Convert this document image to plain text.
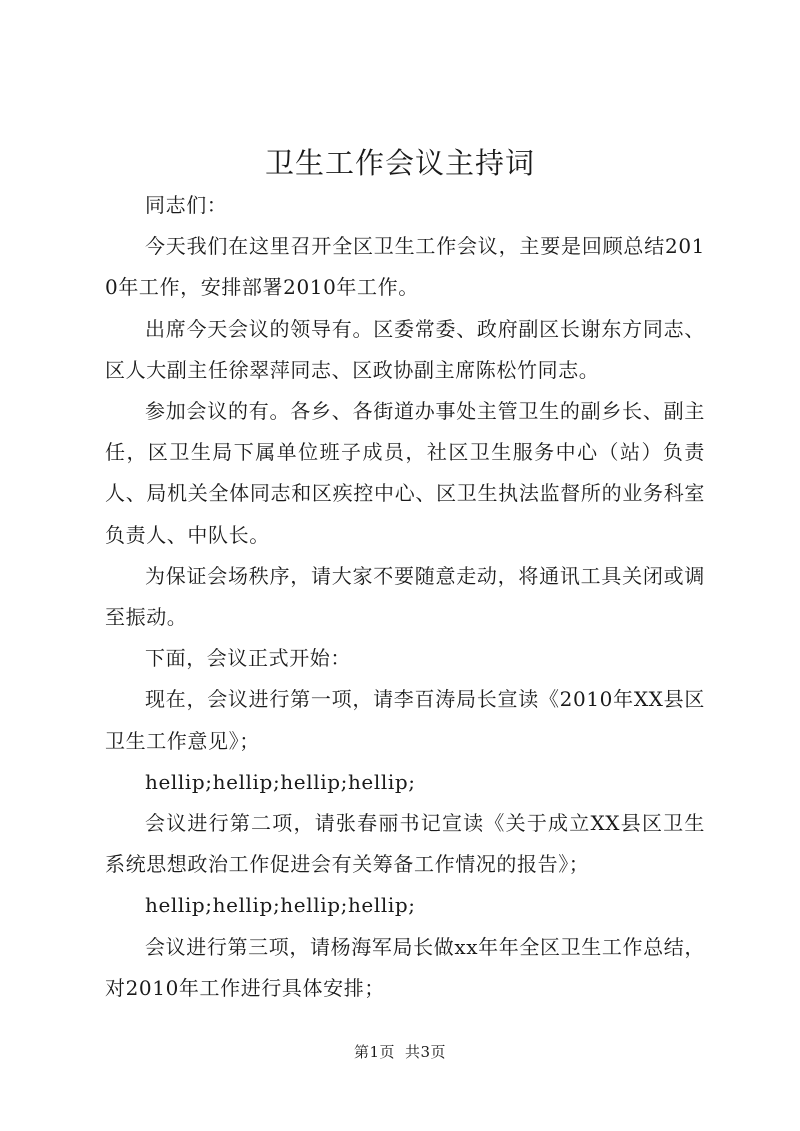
卫生工作会议主持词

同志们：

今天我们在这里召开全区卫生工作会议，主要是回顾总结2010年工作，安排部署2010年工作。

出席今天会议的领导有。区委常委、政府副区长谢东方同志、区人大副主任徐翠萍同志、区政协副主席陈松竹同志。

参加会议的有。各乡、各街道办事处主管卫生的副乡长、副主任，区卫生局下属单位班子成员，社区卫生服务中心（站）负责人、局机关全体同志和区疾控中心、区卫生执法监督所的业务科室负责人、中队长。

为保证会场秩序，请大家不要随意走动，将通讯工具关闭或调至振动。

下面，会议正式开始：

现在，会议进行第一项，请李百涛局长宣读《2010年XX县区卫生工作意见》；

hellip;hellip;hellip;hellip;

会议进行第二项，请张春丽书记宣读《关于成立XX县区卫生系统思想政治工作促进会有关筹备工作情况的报告》；

hellip;hellip;hellip;hellip;

会议进行第三项，请杨海军局长做xx年年全区卫生工作总结，对2010年工作进行具体安排；

第1页 共3页
